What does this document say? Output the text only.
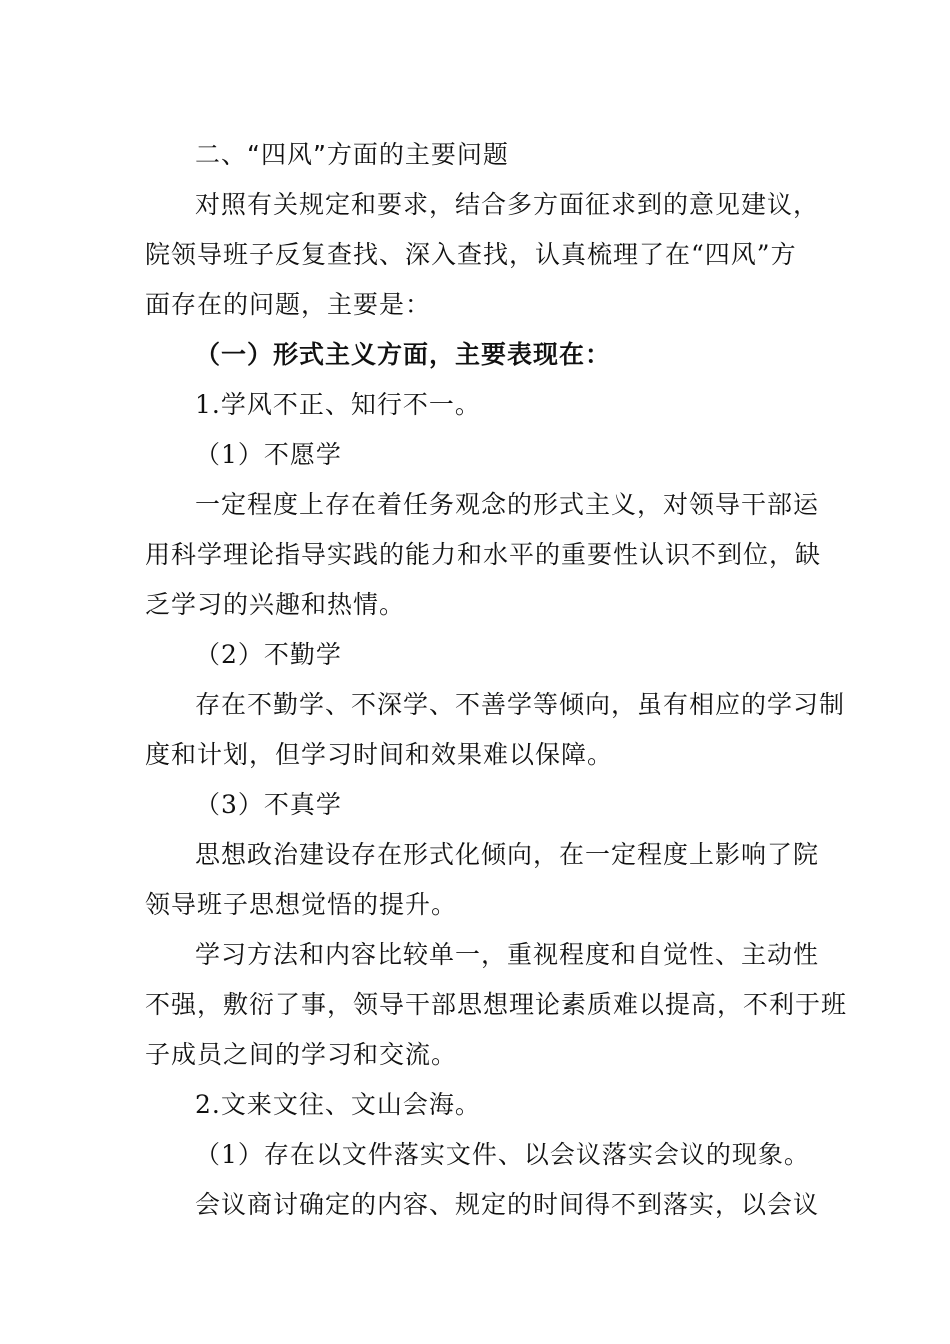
二、“四风”方面的主要问题
对照有关规定和要求，结合多方面征求到的意见建议，
院领导班子反复查找、深入查找，认真梳理了在“四风”方
面存在的问题，主要是：
（一）形式主义方面，主要表现在：
1.学风不正、知行不一。
（1）不愿学
一定程度上存在着任务观念的形式主义，对领导干部运
用科学理论指导实践的能力和水平的重要性认识不到位，缺
乏学习的兴趣和热情。
（2）不勤学
存在不勤学、不深学、不善学等倾向，虽有相应的学习制
度和计划，但学习时间和效果难以保障。
（3）不真学
思想政治建设存在形式化倾向，在一定程度上影响了院
领导班子思想觉悟的提升。
学习方法和内容比较单一，重视程度和自觉性、主动性
不强，敷衍了事，领导干部思想理论素质难以提高，不利于班
子成员之间的学习和交流。
2.文来文往、文山会海。
（1）存在以文件落实文件、以会议落实会议的现象。
会议商讨确定的内容、规定的时间得不到落实，以会议
